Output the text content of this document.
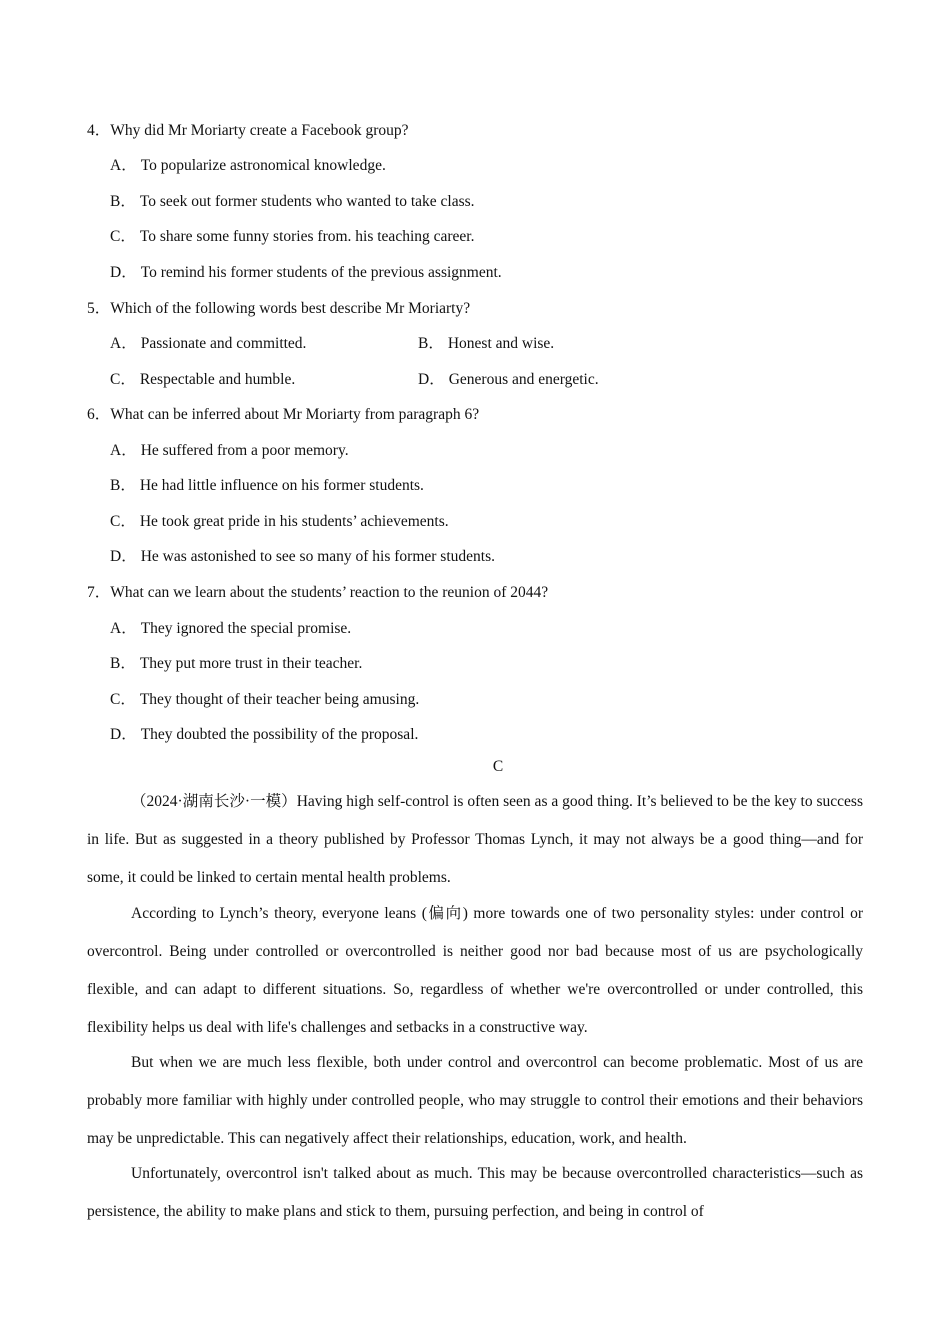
4．Why did Mr Moriarty create a Facebook group?
A． To popularize astronomical knowledge.
B． To seek out former students who wanted to take class.
C． To share some funny stories from. his teaching career.
D． To remind his former students of the previous assignment.
5．Which of the following words best describe Mr Moriarty?
A． Passionate and committed.	B． Honest and wise.
C． Respectable and humble.	D． Generous and energetic.
6．What can be inferred about Mr Moriarty from paragraph 6?
A． He suffered from a poor memory.
B． He had little influence on his former students.
C． He took great pride in his students’ achievements.
D． He was astonished to see so many of his former students.
7．What can we learn about the students’ reaction to the reunion of 2044?
A． They ignored the special promise.
B． They put more trust in their teacher.
C． They thought of their teacher being amusing.
D． They doubted the possibility of the proposal.
C

（2024·湖南长沙·一模）Having high self-control is often seen as a good thing. It’s believed to be the key to success in life. But as suggested in a theory published by Professor Thomas Lynch, it may not always be a good thing—and for some, it could be linked to certain mental health problems.

According to Lynch’s theory, everyone leans (偏向) more towards one of two personality styles: under control or overcontrol. Being under controlled or overcontrolled is neither good nor bad because most of us are psychologically flexible, and can adapt to different situations. So, regardless of whether we're overcontrolled or under controlled, this flexibility helps us deal with life's challenges and setbacks in a constructive way.

But when we are much less flexible, both under control and overcontrol can become problematic. Most of us are probably more familiar with highly under controlled people, who may struggle to control their emotions and their behaviors may be unpredictable. This can negatively affect their relationships, education, work, and health.

Unfortunately, overcontrol isn't talked about as much. This may be because overcontrolled characteristics—such as persistence, the ability to make plans and stick to them, pursuing perfection, and being in control of
